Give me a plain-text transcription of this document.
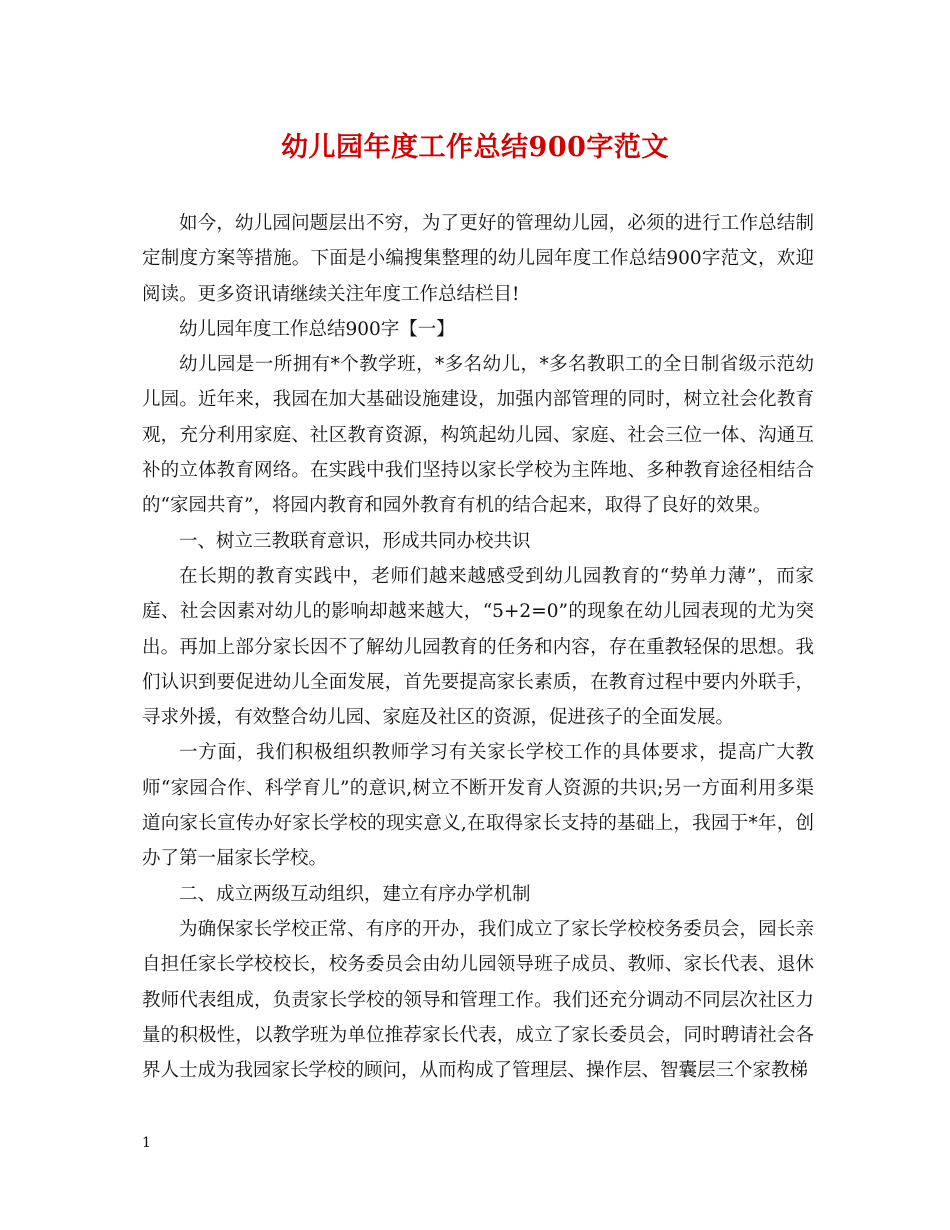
幼儿园年度工作总结900字范文

如今，幼儿园问题层出不穷，为了更好的管理幼儿园，必须的进行工作总结制定制度方案等措施。下面是小编搜集整理的幼儿园年度工作总结900字范文，欢迎阅读。更多资讯请继续关注年度工作总结栏目!

幼儿园年度工作总结900字【一】

幼儿园是一所拥有*个教学班，*多名幼儿，*多名教职工的全日制省级示范幼儿园。近年来，我园在加大基础设施建设，加强内部管理的同时，树立社会化教育观，充分利用家庭、社区教育资源，构筑起幼儿园、家庭、社会三位一体、沟通互补的立体教育网络。在实践中我们坚持以家长学校为主阵地、多种教育途径相结合的“家园共育”，将园内教育和园外教育有机的结合起来，取得了良好的效果。

一、树立三教联育意识，形成共同办校共识

在长期的教育实践中，老师们越来越感受到幼儿园教育的“势单力薄”，而家庭、社会因素对幼儿的影响却越来越大，“5+2=0”的现象在幼儿园表现的尤为突出。再加上部分家长因不了解幼儿园教育的任务和内容，存在重教轻保的思想。我们认识到要促进幼儿全面发展，首先要提高家长素质，在教育过程中要内外联手，寻求外援，有效整合幼儿园、家庭及社区的资源，促进孩子的全面发展。

一方面，我们积极组织教师学习有关家长学校工作的具体要求，提高广大教师“家园合作、科学育儿”的意识,树立不断开发育人资源的共识;另一方面利用多渠道向家长宣传办好家长学校的现实意义,在取得家长支持的基础上，我园于*年，创办了第一届家长学校。

二、成立两级互动组织，建立有序办学机制

为确保家长学校正常、有序的开办，我们成立了家长学校校务委员会，园长亲自担任家长学校校长，校务委员会由幼儿园领导班子成员、教师、家长代表、退休教师代表组成，负责家长学校的领导和管理工作。我们还充分调动不同层次社区力量的积极性，以教学班为单位推荐家长代表，成立了家长委员会，同时聘请社会各界人士成为我园家长学校的顾问，从而构成了管理层、操作层、智囊层三个家教梯

1
